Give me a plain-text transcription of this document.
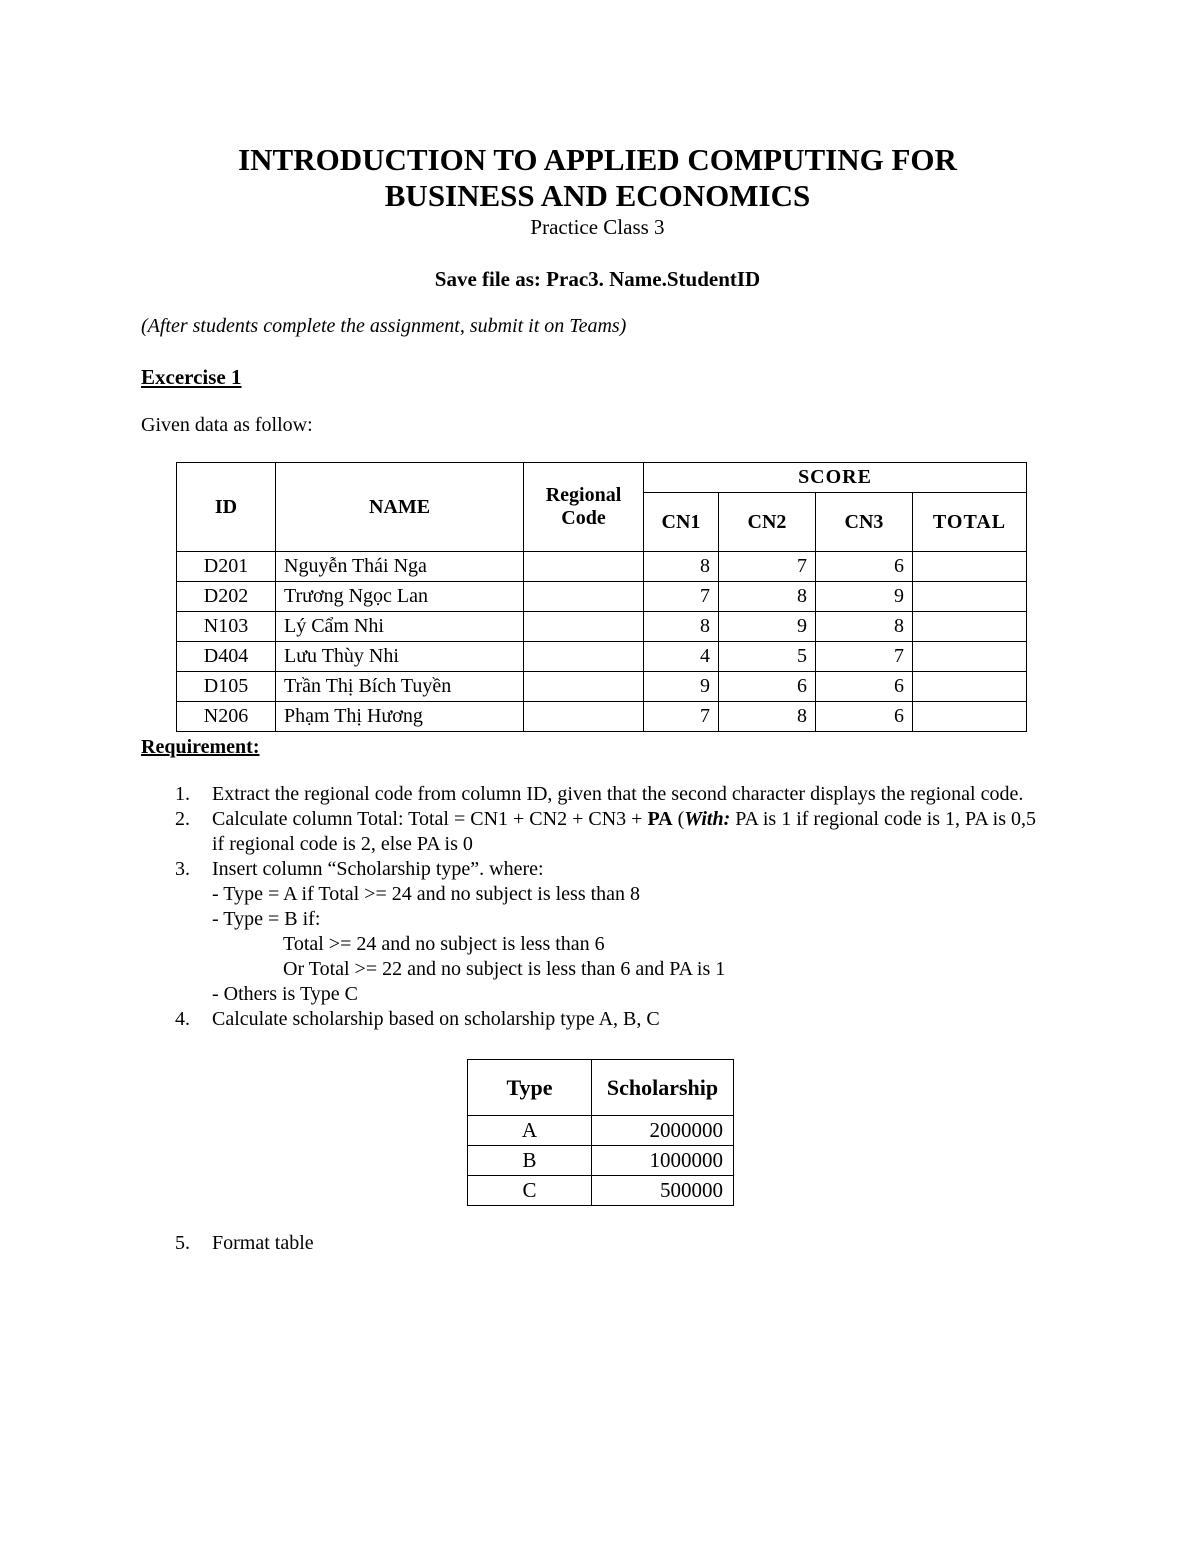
INTRODUCTION TO APPLIED COMPUTING FOR
BUSINESS AND ECONOMICS
Practice Class 3
Save file as: Prac3. Name.StudentID
(After students complete the assignment, submit it on Teams)
Excercise 1
Given data as follow:
ID	NAME	Regional Code	SCORE			
			CN1	CN2	CN3	TOTAL
D201	Nguyễn Thái Nga		8	7	6	
D202	Trương Ngọc Lan		7	8	9	
N103	Lý Cẩm Nhi		8	9	8	
D404	Lưu Thùy Nhi		4	5	7	
D105	Trần Thị Bích Tuyền		9	6	6	
N206	Phạm Thị Hương		7	8	6	
Requirement:
1. Extract the regional code from column ID, given that the second character displays the regional code.
2. Calculate column Total: Total = CN1 + CN2 + CN3 + PA (With: PA is 1 if regional code is 1, PA is 0,5 if regional code is 2, else PA is 0
3. Insert column “Scholarship type”. where:
- Type = A if Total >= 24 and no subject is less than 8
- Type = B if:
Total >= 24 and no subject is less than 6
Or Total >= 22 and no subject is less than 6 and PA is 1
- Others is Type C
4. Calculate scholarship based on scholarship type A, B, C
Type	Scholarship
A	2000000
B	1000000
C	500000
5. Format table
